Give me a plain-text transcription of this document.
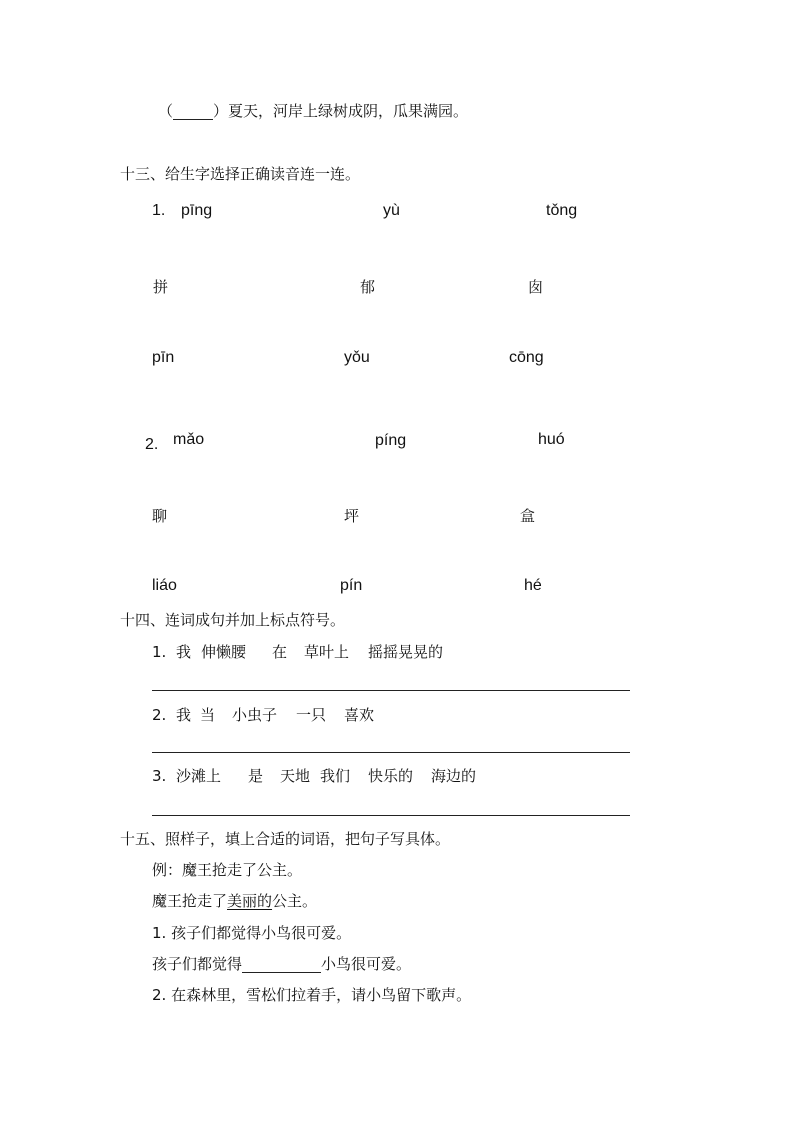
（	）夏天，河岸上绿树成阴，瓜果满园。
十三、给生字选择正确读音连一连。
1. pīng	yù	tǒng
拼	郁	囱
pīn	yǒu	cōng
2. mǎo	píng	huó
聊	坪	盒
liáo	pín	hé
十四、连词成句并加上标点符号。
1. 我 伸懒腰 在 草叶上 摇摇晃晃的
2. 我 当 小虫子 一只 喜欢
3. 沙滩上 是 天地 我们 快乐的 海边的
十五、照样子，填上合适的词语，把句子写具体。
例：魔王抢走了公主。
魔王抢走了美丽的公主。
1. 孩子们都觉得小鸟很可爱。
孩子们都觉得	小鸟很可爱。
2. 在森林里，雪松们拉着手，请小鸟留下歌声。
